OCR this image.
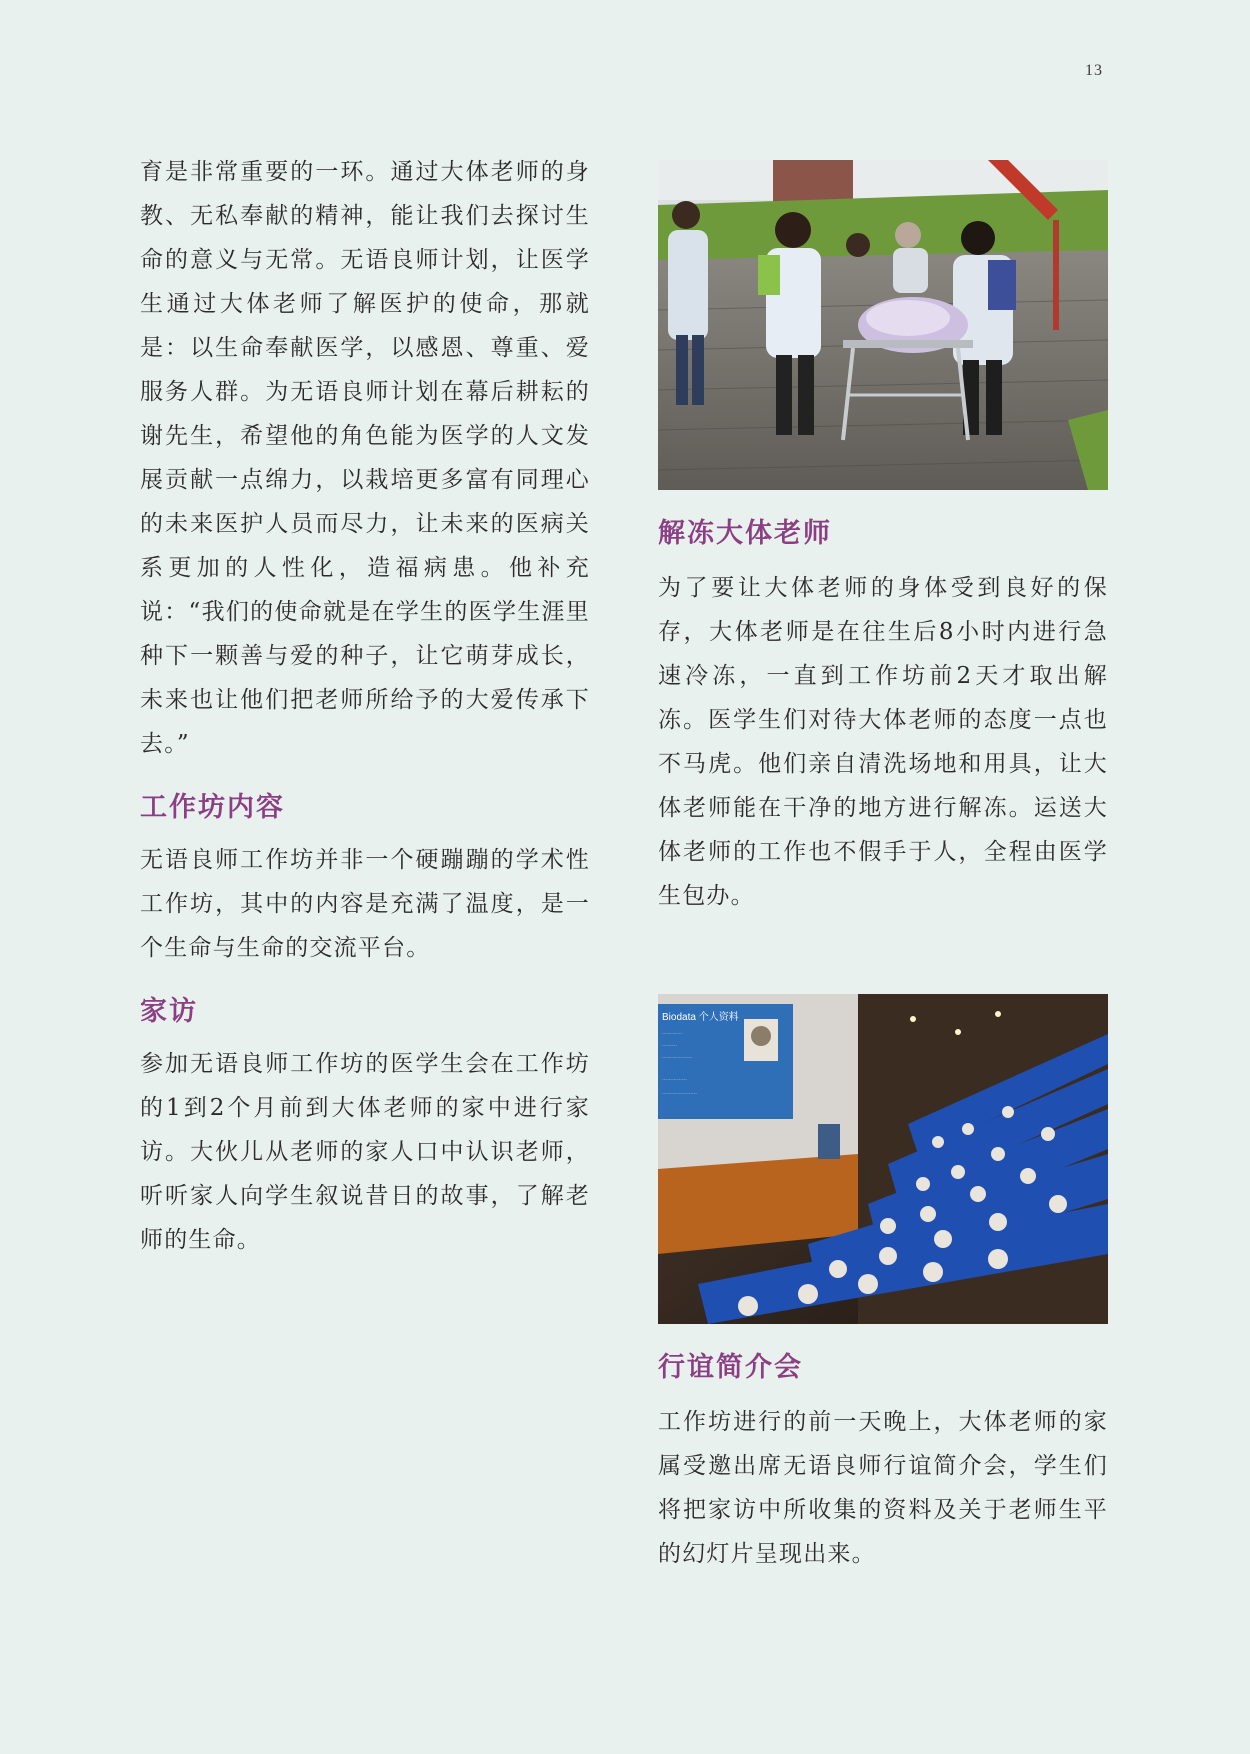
13

育是非常重要的一环。通过大体老师的身教、无私奉献的精神，能让我们去探讨生命的意义与无常。无语良师计划，让医学生通过大体老师了解医护的使命，那就是：以生命奉献医学，以感恩、尊重、爱服务人群。为无语良师计划在幕后耕耘的谢先生，希望他的角色能为医学的人文发展贡献一点绵力，以栽培更多富有同理心的未来医护人员而尽力，让未来的医病关系更加的人性化，造福病患。他补充说：“我们的使命就是在学生的医学生涯里种下一颗善与爱的种子，让它萌芽成长，未来也让他们把老师所给予的大爱传承下去。”

工作坊内容

无语良师工作坊并非一个硬蹦蹦的学术性工作坊，其中的内容是充满了温度，是一个生命与生命的交流平台。

家访

参加无语良师工作坊的医学生会在工作坊的1到2个月前到大体老师的家中进行家访。大伙儿从老师的家人口中认识老师，听听家人向学生叙说昔日的故事，了解老师的生命。

解冻大体老师

为了要让大体老师的身体受到良好的保存，大体老师是在往生后8小时内进行急速冷冻，一直到工作坊前2天才取出解冻。医学生们对待大体老师的态度一点也不马虎。他们亲自清洗场地和用具，让大体老师能在干净的地方进行解冻。运送大体老师的工作也不假手于人，全程由医学生包办。

Biodata 个人资料
…………
………
………………
……………
…………………
行谊简介会

工作坊进行的前一天晚上，大体老师的家属受邀出席无语良师行谊简介会，学生们将把家访中所收集的资料及关于老师生平的幻灯片呈现出来。
